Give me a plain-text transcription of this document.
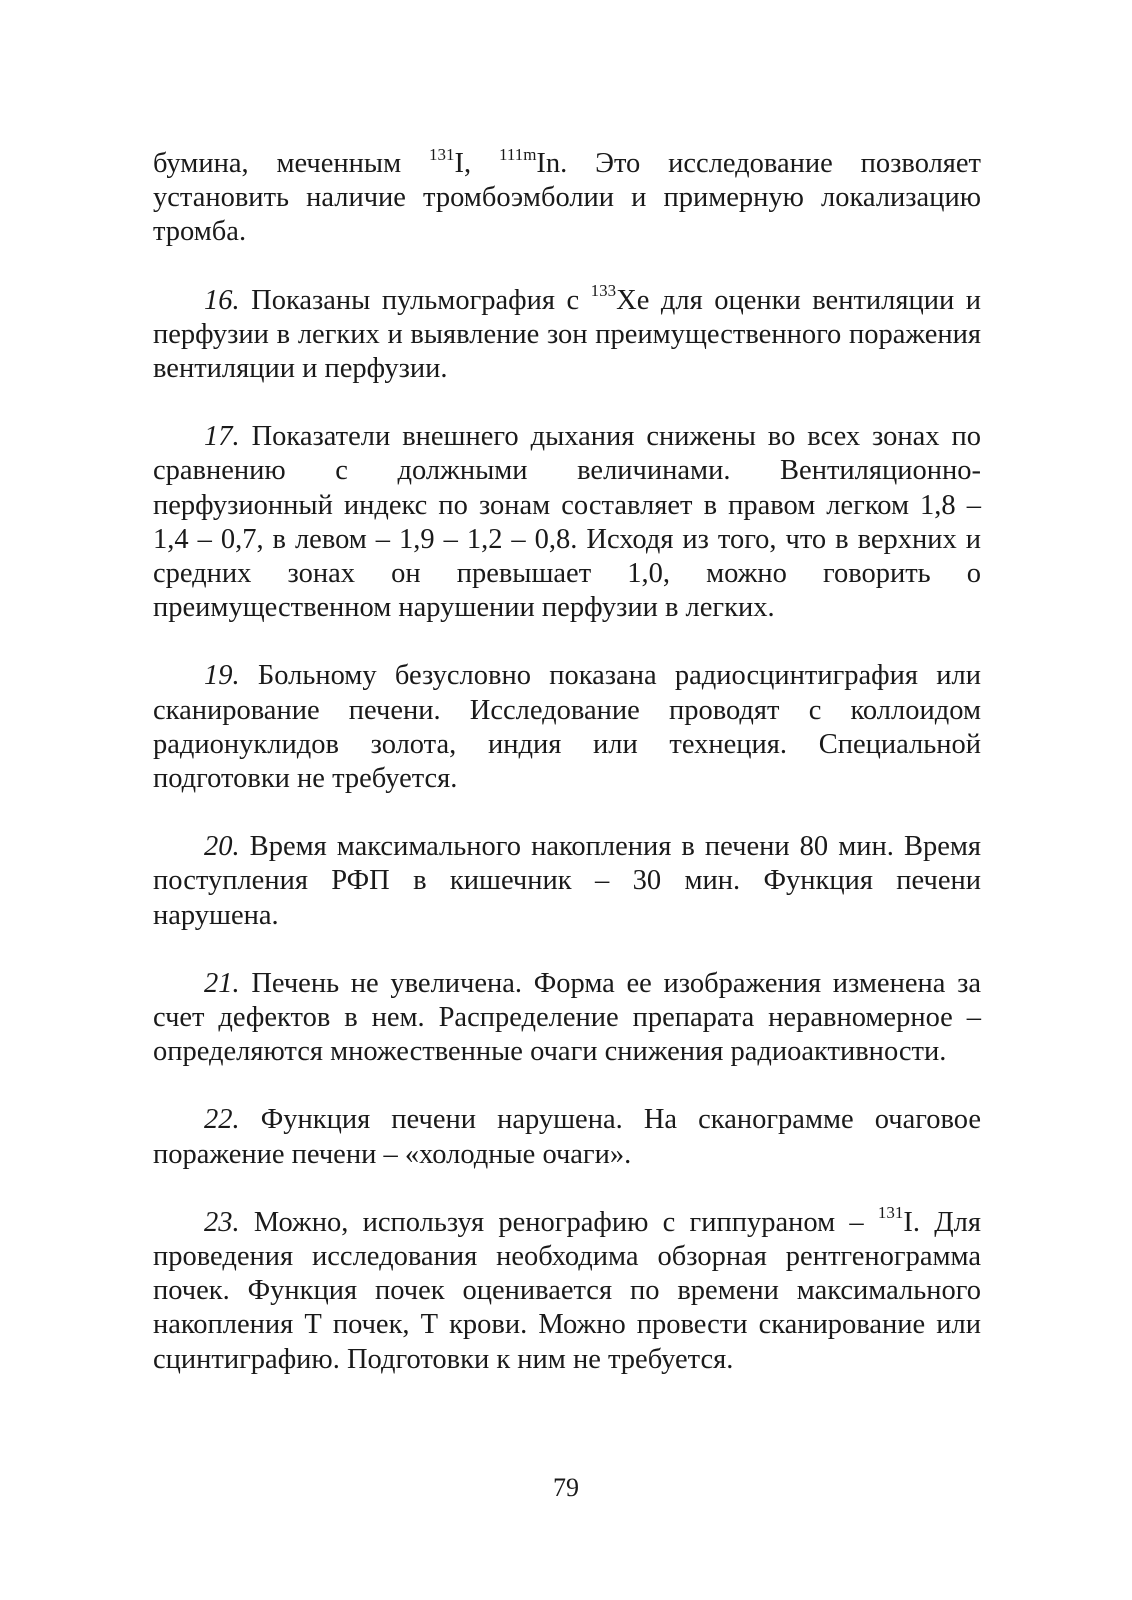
бумина, меченным $^{131}$I, $^{111m}$In. Это исследование позволяет установить наличие тромбоэмболии и примерную локализацию тромба.

16. Показаны пульмография с $^{133}$Хе для оценки вентиляции и перфузии в легких и выявление зон преимущественного поражения вентиляции и перфузии.

17. Показатели внешнего дыхания снижены во всех зонах по сравнению с должными величинами. Вентиляционно-перфузионный индекс по зонам составляет в правом легком 1,8 – 1,4 – 0,7, в левом – 1,9 – 1,2 – 0,8. Исходя из того, что в верхних и средних зонах он превышает 1,0, можно говорить о преимущественном нарушении перфузии в легких.

19. Больному безусловно показана радиосцинтиграфия или сканирование печени. Исследование проводят с коллоидом радионуклидов золота, индия или технеция. Специальной подготовки не требуется.

20. Время максимального накопления в печени 80 мин. Время поступления РФП в кишечник – 30 мин. Функция печени нарушена.

21. Печень не увеличена. Форма ее изображения изменена за счет дефектов в нем. Распределение препарата неравномерное – определяются множественные очаги снижения радиоактивности.

22. Функция печени нарушена. На сканограмме очаговое поражение печени – «холодные очаги».

23. Можно, используя ренографию с гиппураном – $^{131}$I. Для проведения исследования необходима обзорная рентгенограмма почек. Функция почек оценивается по времени максимального накопления Т почек, Т крови. Можно провести сканирование или сцинтиграфию. Подготовки к ним не требуется.

79
